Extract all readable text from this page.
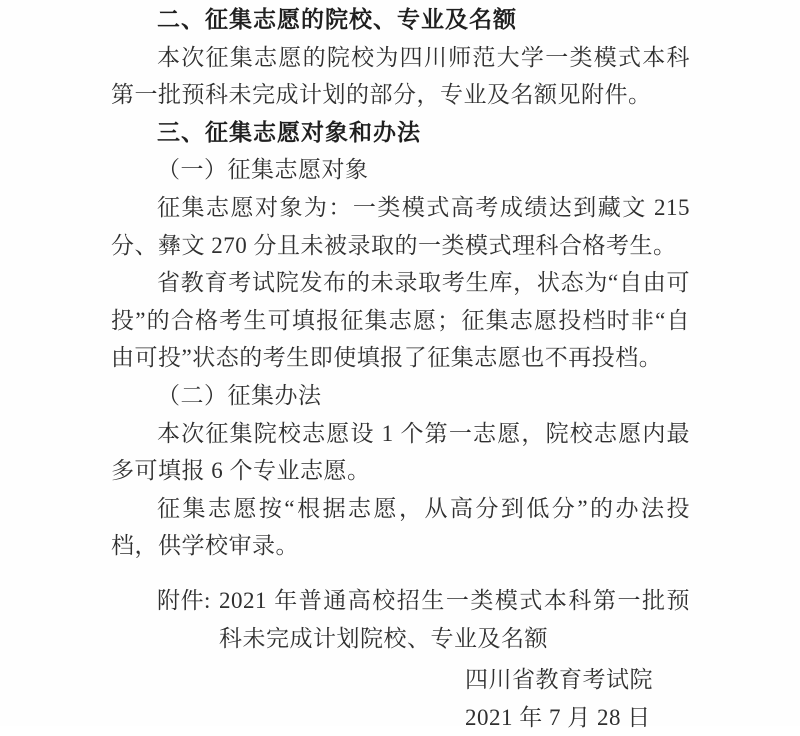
二、征集志愿的院校、专业及名额

本次征集志愿的院校为四川师范大学一类模式本科第一批预科未完成计划的部分，专业及名额见附件。

三、征集志愿对象和办法
（一）征集志愿对象

征集志愿对象为：一类模式高考成绩达到藏文 215 分、彝文 270 分且未被录取的一类模式理科合格考生。

省教育考试院发布的未录取考生库，状态为“自由可投”的合格考生可填报征集志愿；征集志愿投档时非“自由可投”状态的考生即使填报了征集志愿也不再投档。

（二）征集办法

本次征集院校志愿设 1 个第一志愿，院校志愿内最多可填报 6 个专业志愿。

征集志愿按“根据志愿，从高分到低分”的办法投档，供学校审录。

附件: 2021 年普通高校招生一类模式本科第一批预科未完成计划院校、专业及名额
四川省教育考试院
2021 年 7 月 28 日
